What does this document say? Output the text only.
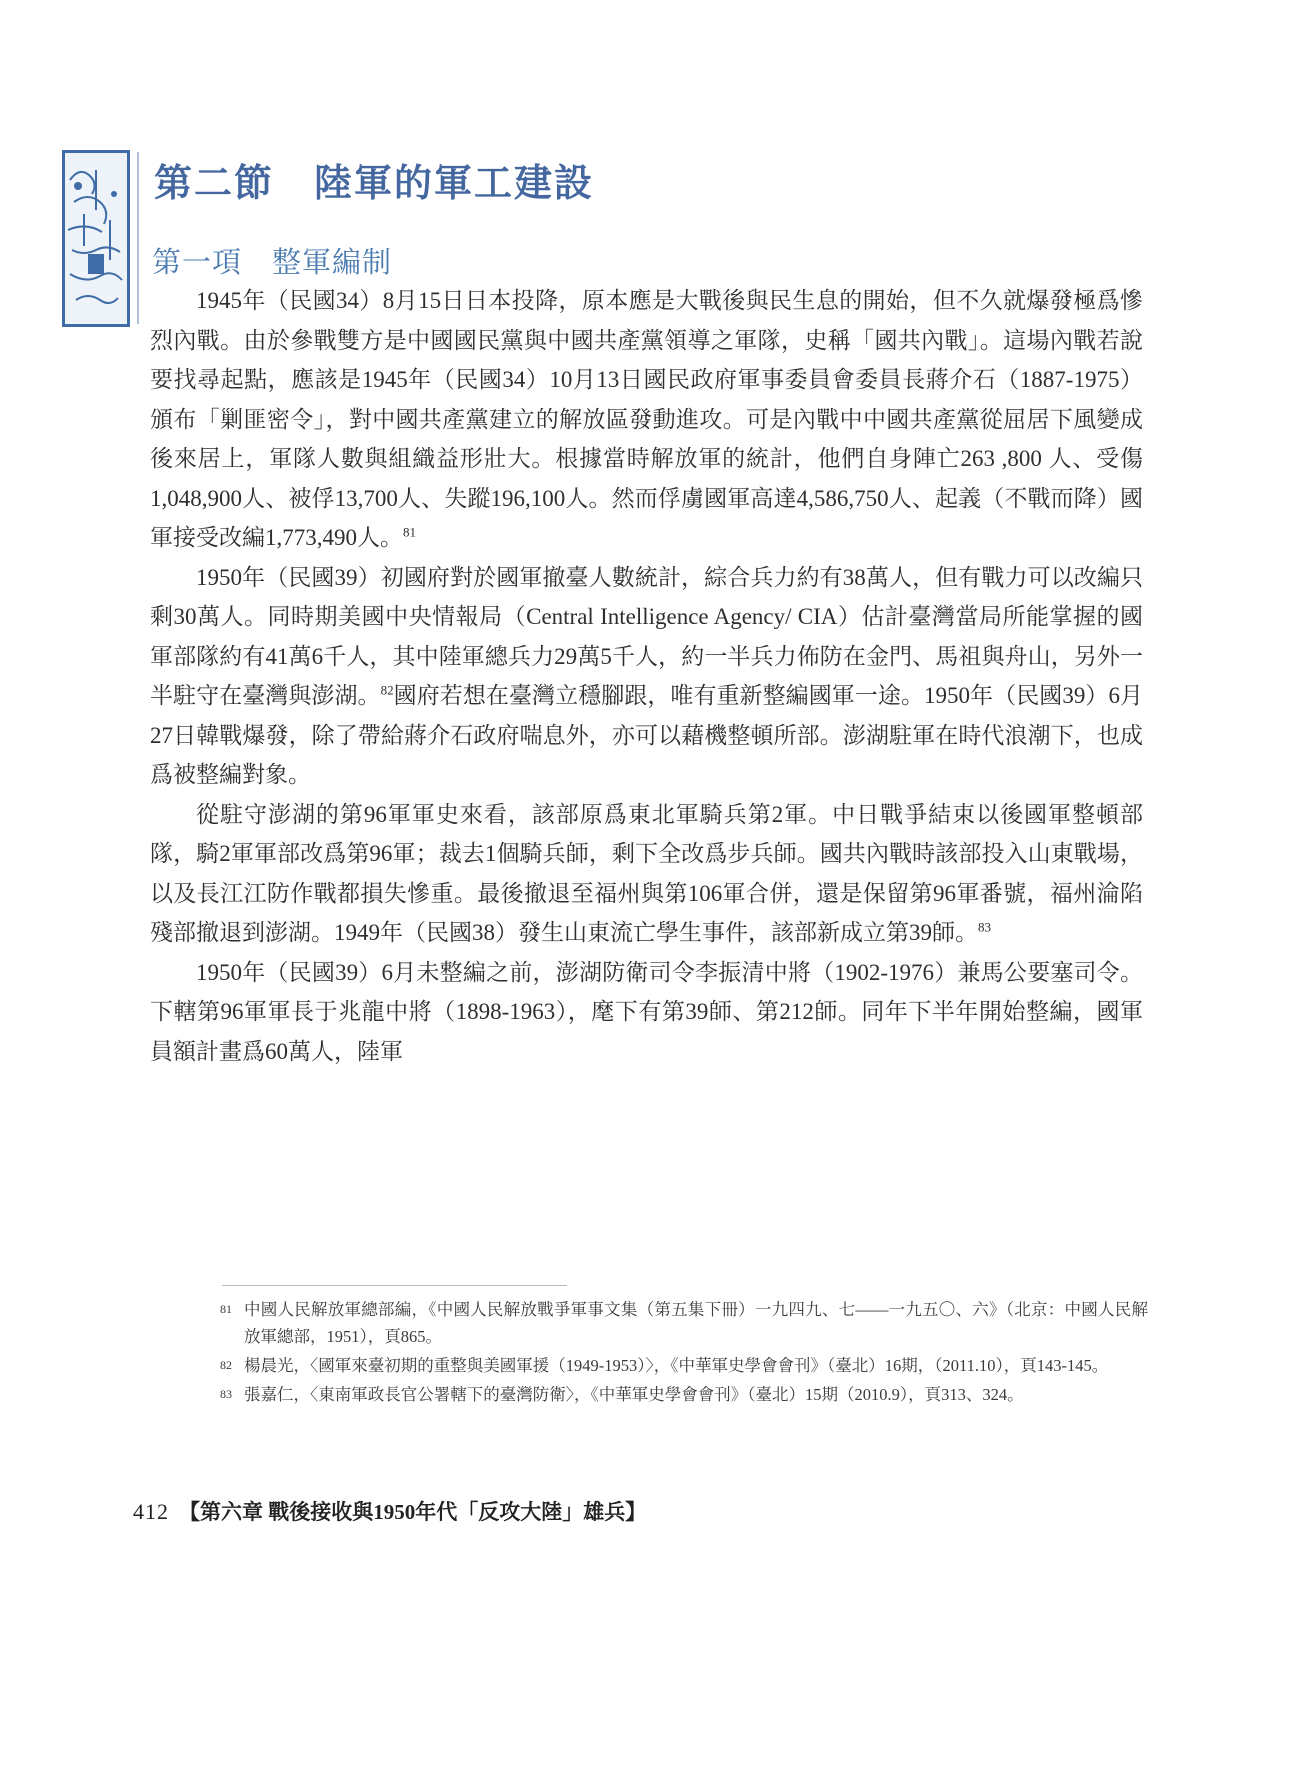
第二節　陸軍的軍工建設
第一項　整軍編制

1945年（民國34）8月15日日本投降，原本應是大戰後與民生息的開始，但不久就爆發極爲慘烈內戰。由於參戰雙方是中國國民黨與中國共產黨領導之軍隊，史稱「國共內戰」。這場內戰若說要找尋起點，應該是1945年（民國34）10月13日國民政府軍事委員會委員長蔣介石（1887-1975）頒布「剿匪密令」，對中國共產黨建立的解放區發動進攻。可是內戰中中國共產黨從屈居下風變成後來居上，軍隊人數與組織益形壯大。根據當時解放軍的統計，他們自身陣亡263 ,800 人、受傷1,048,900人、被俘13,700人、失蹤196,100人。然而俘虜國軍高達4,586,750人、起義（不戰而降）國軍接受改編1,773,490人。$^{81}$

1950年（民國39）初國府對於國軍撤臺人數統計，綜合兵力約有38萬人，但有戰力可以改編只剩30萬人。同時期美國中央情報局（Central Intelligence Agency/ CIA）估計臺灣當局所能掌握的國軍部隊約有41萬6千人，其中陸軍總兵力29萬5千人，約一半兵力佈防在金門、馬祖與舟山，另外一半駐守在臺灣與澎湖。$^{82}$國府若想在臺灣立穩腳跟，唯有重新整編國軍一途。1950年（民國39）6月27日韓戰爆發，除了帶給蔣介石政府喘息外，亦可以藉機整頓所部。澎湖駐軍在時代浪潮下，也成爲被整編對象。

從駐守澎湖的第96軍軍史來看，該部原爲東北軍騎兵第2軍。中日戰爭結束以後國軍整頓部隊，騎2軍軍部改爲第96軍；裁去1個騎兵師，剩下全改爲步兵師。國共內戰時該部投入山東戰場，以及長江江防作戰都損失慘重。最後撤退至福州與第106軍合併，還是保留第96軍番號，福州淪陷殘部撤退到澎湖。1949年（民國38）發生山東流亡學生事件，該部新成立第39師。$^{83}$

1950年（民國39）6月未整編之前，澎湖防衛司令李振清中將（1902-1976）兼馬公要塞司令。下轄第96軍軍長于兆龍中將（1898-1963），麾下有第39師、第212師。同年下半年開始整編，國軍員額計畫爲60萬人，陸軍

81 中國人民解放軍總部編，《中國人民解放戰爭軍事文集（第五集下冊）一九四九、七——一九五〇、六》（北京：中國人民解放軍總部，1951），頁865。
82 楊晨光，〈國軍來臺初期的重整與美國軍援（1949-1953）〉，《中華軍史學會會刊》（臺北）16期，（2011.10），頁143-145。
83 張嘉仁，〈東南軍政長官公署轄下的臺灣防衛〉，《中華軍史學會會刊》（臺北）15期（2010.9），頁313、324。
412 【第六章 戰後接收與1950年代「反攻大陸」雄兵】
